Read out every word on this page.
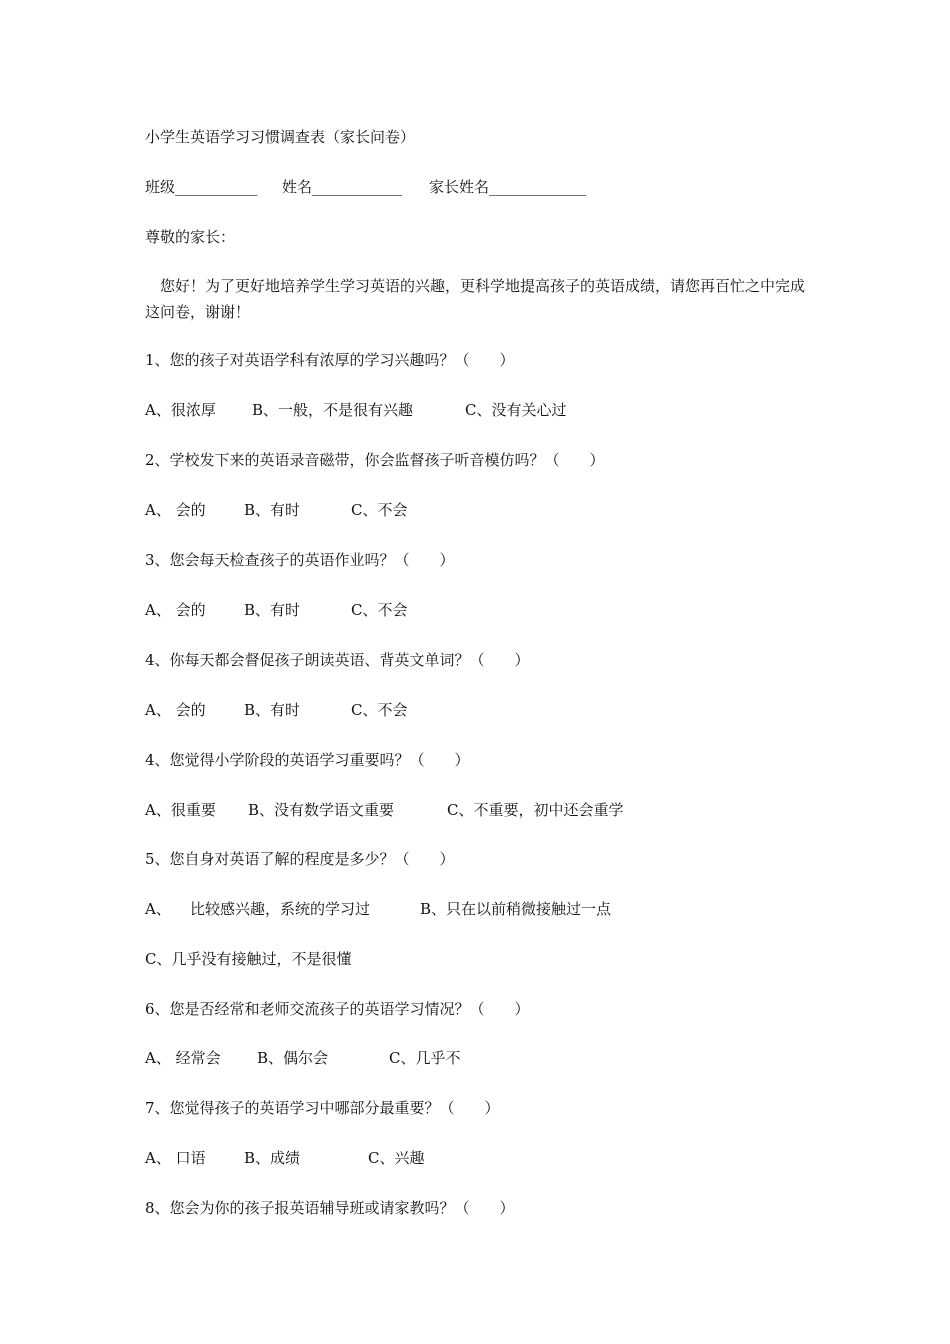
小学生英语学习习惯调查表（家长问卷）
班级___________ 姓名____________ 家长姓名_____________
尊敬的家长：
您好！为了更好地培养学生学习英语的兴趣，更科学地提高孩子的英语成绩，请您再百忙之中完成这问卷，谢谢！
1、您的孩子对英语学科有浓厚的学习兴趣吗？（　　）
A、很浓厚 B、一般，不是很有兴趣	C、没有关心过
2、学校发下来的英语录音磁带，你会监督孩子听音模仿吗？（　　）
A、 会的	B、有时	C、不会
3、您会每天检查孩子的英语作业吗？（　　）
A、 会的	B、有时	C、不会
4、你每天都会督促孩子朗读英语、背英文单词？（　　）
A、 会的	B、有时	C、不会
4、您觉得小学阶段的英语学习重要吗？（　　）
A、很重要 B、没有数学语文重要	C、不重要，初中还会重学
5、您自身对英语了解的程度是多少？（　　）
A、 比较感兴趣，系统的学习过	B、只在以前稍微接触过一点
C、几乎没有接触过，不是很懂
6、您是否经常和老师交流孩子的英语学习情况？（　　）
A、 经常会 B、偶尔会	C、几乎不
7、您觉得孩子的英语学习中哪部分最重要？（　　）
A、 口语	B、成绩	C、兴趣
8、您会为你的孩子报英语辅导班或请家教吗？（　　）
